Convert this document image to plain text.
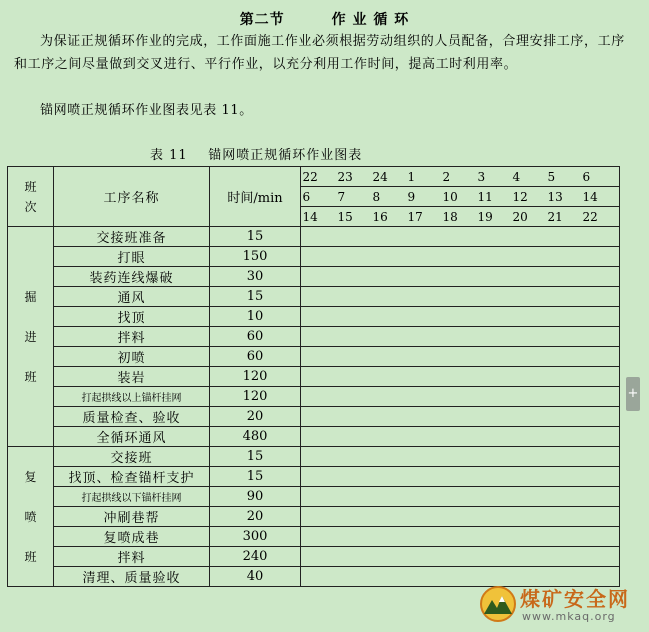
第二节        作 业 循 环

为保证正规循环作业的完成，工作面施工作业必须根据劳动组织的人员配备，合理安排工序，工序和工序之间尽量做到交叉进行、平行作业，以充分利用工作时间，提高工时利用率。

锚网喷正规循环作业图表见表 11。

表 11    锚网喷正规循环作业图表
班
次	工序名称	时间/min	22 23 24 1 2 3 4 5 6
			6 7 8 9 10 11 12 13 14
			14 15 16 17 18 19 20 21 22

掘
进
班	交接班准备	15	
	打眼	150	
	装药连线爆破	30	
	通风	15	
	找顶	10	
	拌料	60	
	初喷	60	
	装岩	120	
	打起拱线以上锚杆挂网	120	
	质量检查、验收	20	
	全循环通风	480	

复
喷
班	交接班	15	
	找顶、检查锚杆支护	15	
	打起拱线以下锚杆挂网	90	
	冲刷巷帮	20	
	复喷成巷	300	
	拌料	240	
	清理、质量验收	40	
+
煤矿安全网
www.mkaq.org
